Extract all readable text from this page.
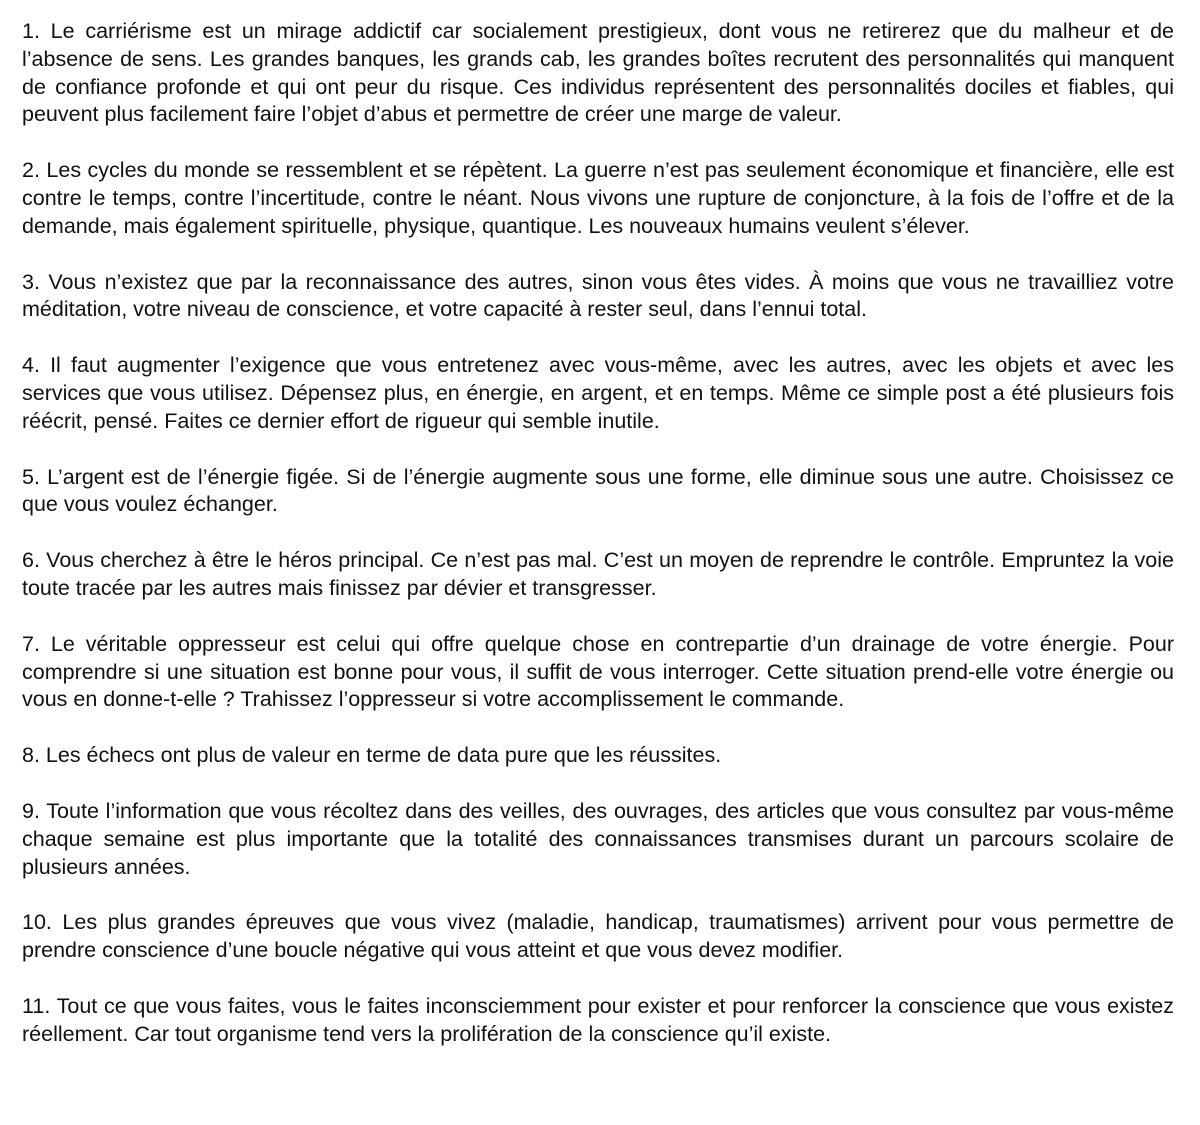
1. Le carriérisme est un mirage addictif car socialement prestigieux, dont vous ne retirerez que du malheur et de l’absence de sens. Les grandes banques, les grands cab, les grandes boîtes recrutent des personnalités qui manquent de confiance profonde et qui ont peur du risque. Ces individus représentent des personnalités dociles et fiables, qui peuvent plus facilement faire l’objet d’abus et permettre de créer une marge de valeur.

2. Les cycles du monde se ressemblent et se répètent. La guerre n’est pas seulement économique et financière, elle est contre le temps, contre l’incertitude, contre le néant. Nous vivons une rupture de conjoncture, à la fois de l’offre et de la demande, mais également spirituelle, physique, quantique. Les nouveaux humains veulent s’élever.

3. Vous n’existez que par la reconnaissance des autres, sinon vous êtes vides. À moins que vous ne travailliez votre méditation, votre niveau de conscience, et votre capacité à rester seul, dans l’ennui total.

4. Il faut augmenter l’exigence que vous entretenez avec vous-même, avec les autres, avec les objets et avec les services que vous utilisez. Dépensez plus, en énergie, en argent, et en temps. Même ce simple post a été plusieurs fois réécrit, pensé. Faites ce dernier effort de rigueur qui semble inutile.

5. L’argent est de l’énergie figée. Si de l’énergie augmente sous une forme, elle diminue sous une autre. Choisissez ce que vous voulez échanger.

6. Vous cherchez à être le héros principal. Ce n’est pas mal. C’est un moyen de reprendre le contrôle. Empruntez la voie toute tracée par les autres mais finissez par dévier et transgresser.

7. Le véritable oppresseur est celui qui offre quelque chose en contrepartie d’un drainage de votre énergie. Pour comprendre si une situation est bonne pour vous, il suffit de vous interroger. Cette situation prend-elle votre énergie ou vous en donne-t-elle ? Trahissez l’oppresseur si votre accomplissement le commande.

8. Les échecs ont plus de valeur en terme de data pure que les réussites.

9. Toute l’information que vous récoltez dans des veilles, des ouvrages, des articles que vous consultez par vous-même chaque semaine est plus importante que la totalité des connaissances transmises durant un parcours scolaire de plusieurs années.

10. Les plus grandes épreuves que vous vivez (maladie, handicap, traumatismes) arrivent pour vous permettre de prendre conscience d’une boucle négative qui vous atteint et que vous devez modifier.

11. Tout ce que vous faites, vous le faites inconsciemment pour exister et pour renforcer la conscience que vous existez réellement. Car tout organisme tend vers la prolifération de la conscience qu’il existe.
